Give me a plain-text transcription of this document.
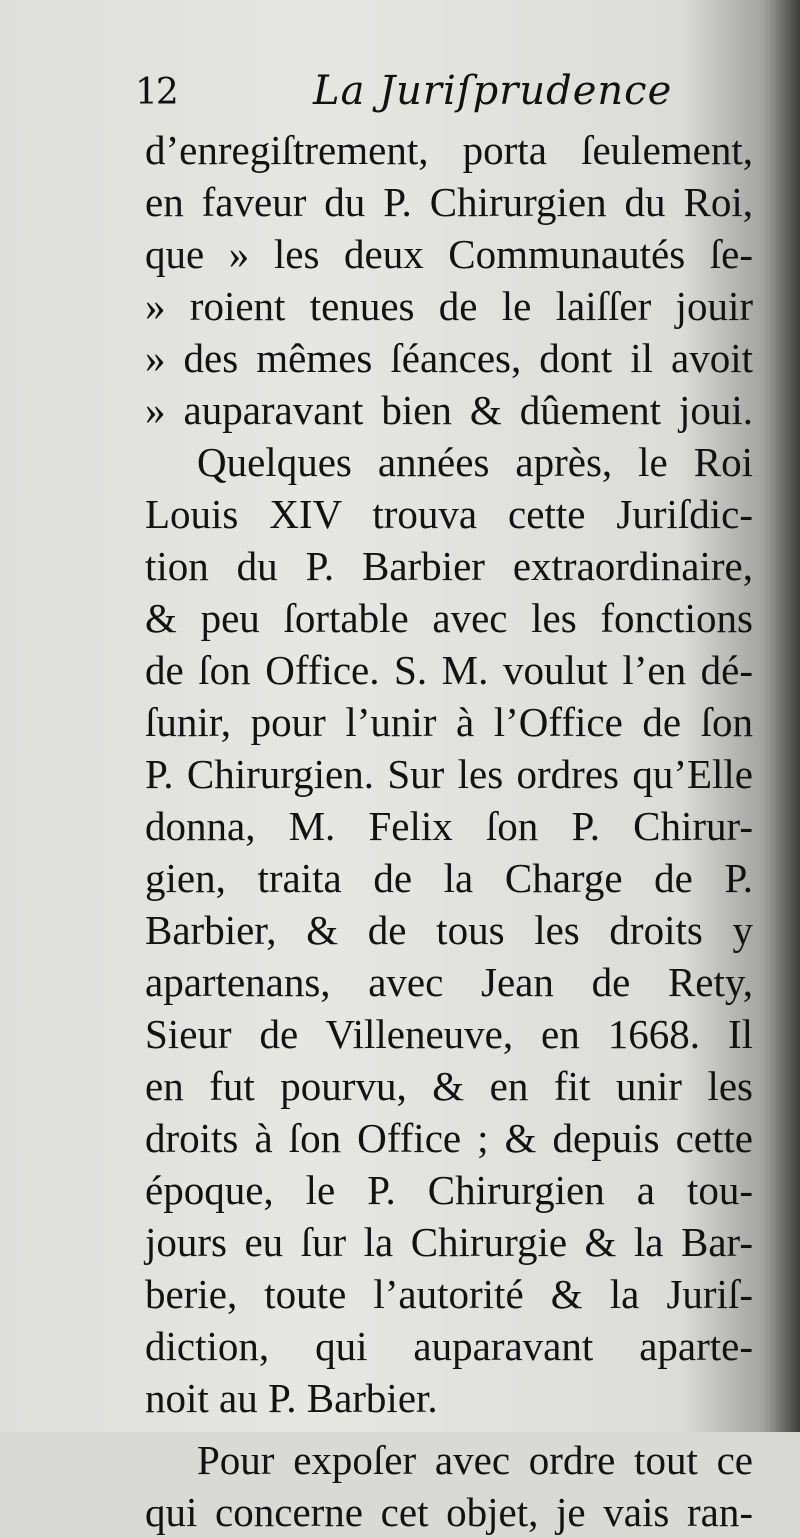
12	La Juriſprudence
d’enregiſtrement, porta ſeulement,
en faveur du P. Chirurgien du Roi,
que » les deux Communautés ſe-
» roient tenues de le laiſſer jouir
» des mêmes ſéances, dont il avoit
» auparavant bien & dûement joui.
Quelques années après, le Roi
Louis XIV trouva cette Juriſdic-
tion du P. Barbier extraordinaire,
& peu ſortable avec les fonctions
de ſon Office. S. M. voulut l’en dé-
ſunir, pour l’unir à l’Office de ſon
P. Chirurgien. Sur les ordres qu’Elle
donna, M. Felix ſon P. Chirur-
gien, traita de la Charge de P.
Barbier, & de tous les droits y
apartenans, avec Jean de Rety,
Sieur de Villeneuve, en 1668. Il
en fut pourvu, & en fit unir les
droits à ſon Office ; & depuis cette
époque, le P. Chirurgien a tou-
jours eu ſur la Chirurgie & la Bar-
berie, toute l’autorité & la Juriſ-
diction, qui auparavant aparte-
noit au P. Barbier.
Pour expoſer avec ordre tout ce
qui concerne cet objet, je vais ran-
